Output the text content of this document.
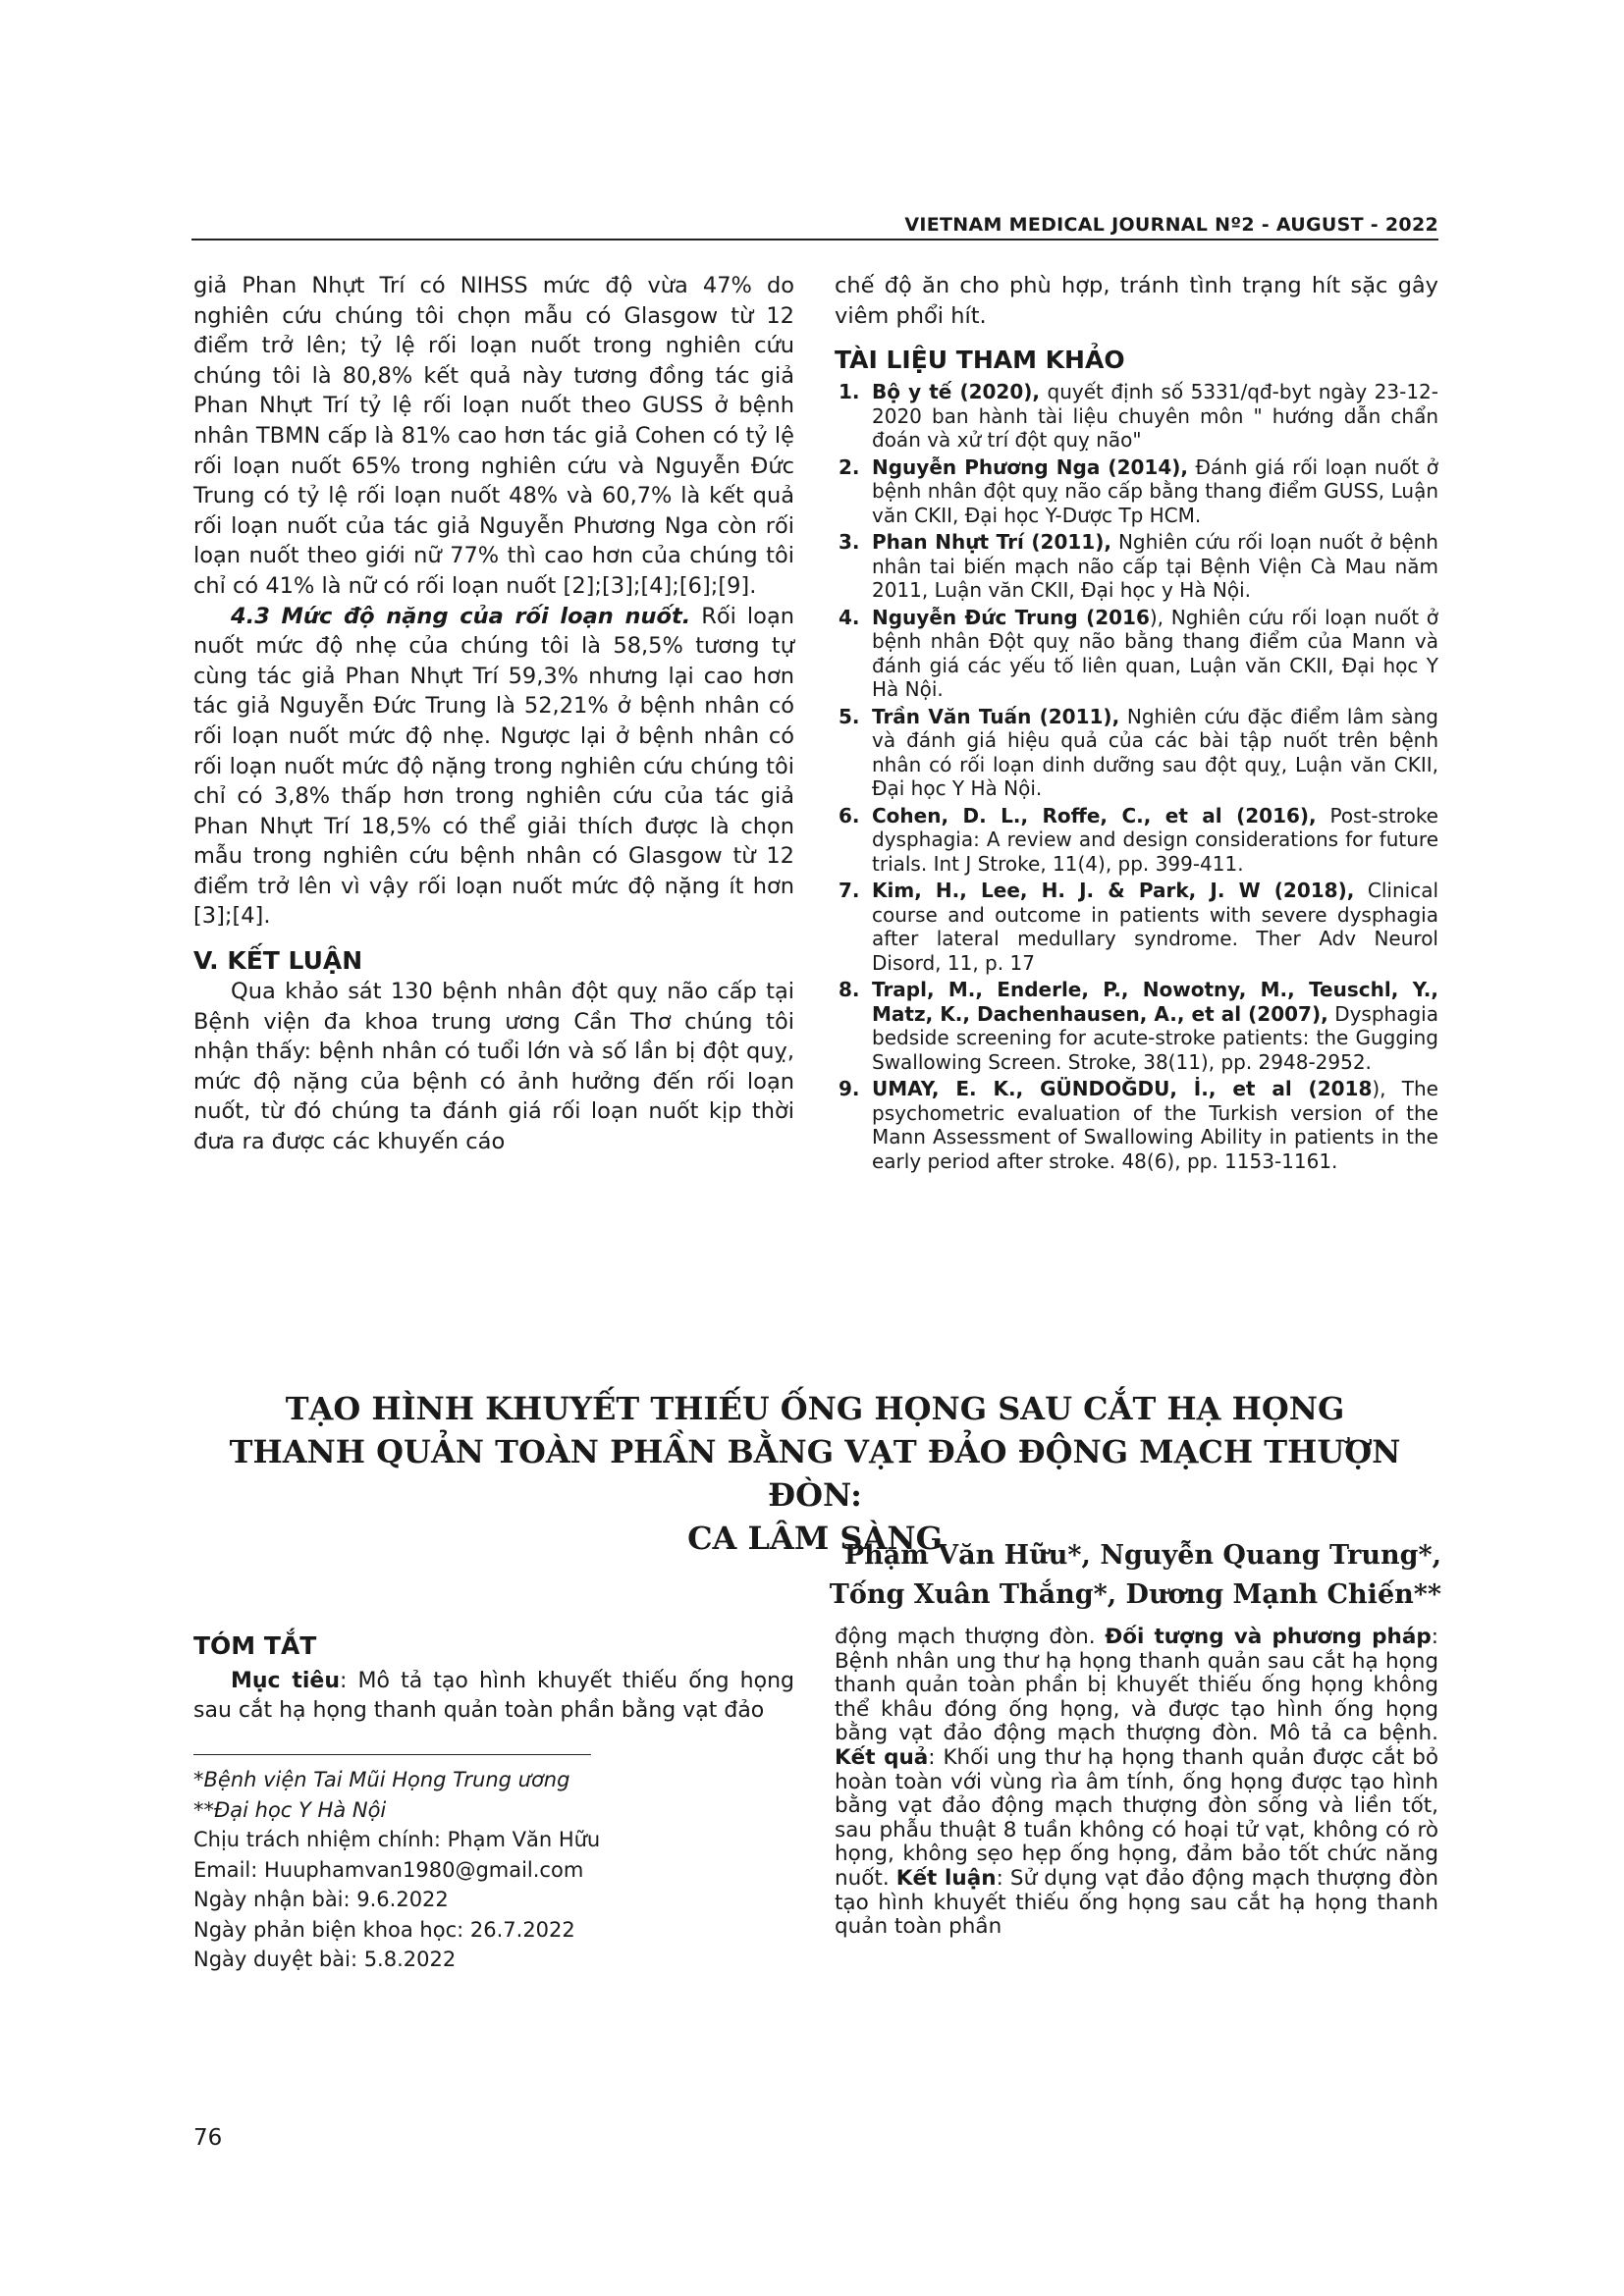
VIETNAM MEDICAL JOURNAL Nº2 - AUGUST - 2022

giả Phan Nhựt Trí có NIHSS mức độ vừa 47% do nghiên cứu chúng tôi chọn mẫu có Glasgow từ 12 điểm trở lên; tỷ lệ rối loạn nuốt trong nghiên cứu chúng tôi là 80,8% kết quả này tương đồng tác giả Phan Nhựt Trí tỷ lệ rối loạn nuốt theo GUSS ở bệnh nhân TBMN cấp là 81% cao hơn tác giả Cohen có tỷ lệ rối loạn nuốt 65% trong nghiên cứu và Nguyễn Đức Trung có tỷ lệ rối loạn nuốt 48% và 60,7% là kết quả rối loạn nuốt của tác giả Nguyễn Phương Nga còn rối loạn nuốt theo giới nữ 77% thì cao hơn của chúng tôi chỉ có 41% là nữ có rối loạn nuốt [2];[3];[4];[6];[9].

4.3 Mức độ nặng của rối loạn nuốt. Rối loạn nuốt mức độ nhẹ của chúng tôi là 58,5% tương tự cùng tác giả Phan Nhựt Trí 59,3% nhưng lại cao hơn tác giả Nguyễn Đức Trung là 52,21% ở bệnh nhân có rối loạn nuốt mức độ nhẹ. Ngược lại ở bệnh nhân có rối loạn nuốt mức độ nặng trong nghiên cứu chúng tôi chỉ có 3,8% thấp hơn trong nghiên cứu của tác giả Phan Nhựt Trí 18,5% có thể giải thích được là chọn mẫu trong nghiên cứu bệnh nhân có Glasgow từ 12 điểm trở lên vì vậy rối loạn nuốt mức độ nặng ít hơn [3];[4].

V. KẾT LUẬN

Qua khảo sát 130 bệnh nhân đột quỵ não cấp tại Bệnh viện đa khoa trung ương Cần Thơ chúng tôi nhận thấy: bệnh nhân có tuổi lớn và số lần bị đột quỵ, mức độ nặng của bệnh có ảnh hưởng đến rối loạn nuốt, từ đó chúng ta đánh giá rối loạn nuốt kịp thời đưa ra được các khuyến cáo

chế độ ăn cho phù hợp, tránh tình trạng hít sặc gây viêm phổi hít.

TÀI LIỆU THAM KHẢO
1. Bộ y tế (2020), quyết định số 5331/qđ-byt ngày 23-12-2020 ban hành tài liệu chuyên môn " hướng dẫn chẩn đoán và xử trí đột quỵ não"
2. Nguyễn Phương Nga (2014), Đánh giá rối loạn nuốt ở bệnh nhân đột quỵ não cấp bằng thang điểm GUSS, Luận văn CKII, Đại học Y-Dược Tp HCM.
3. Phan Nhựt Trí (2011), Nghiên cứu rối loạn nuốt ở bệnh nhân tai biến mạch não cấp tại Bệnh Viện Cà Mau năm 2011, Luận văn CKII, Đại học y Hà Nội.
4. Nguyễn Đức Trung (2016), Nghiên cứu rối loạn nuốt ở bệnh nhân Đột quỵ não bằng thang điểm của Mann và đánh giá các yếu tố liên quan, Luận văn CKII, Đại học Y Hà Nội.
5. Trần Văn Tuấn (2011), Nghiên cứu đặc điểm lâm sàng và đánh giá hiệu quả của các bài tập nuốt trên bệnh nhân có rối loạn dinh dưỡng sau đột quỵ, Luận văn CKII, Đại học Y Hà Nội.
6. Cohen, D. L., Roffe, C., et al (2016), Post-stroke dysphagia: A review and design considerations for future trials. Int J Stroke, 11(4), pp. 399-411.
7. Kim, H., Lee, H. J. & Park, J. W (2018), Clinical course and outcome in patients with severe dysphagia after lateral medullary syndrome. Ther Adv Neurol Disord, 11, p. 17
8. Trapl, M., Enderle, P., Nowotny, M., Teuschl, Y., Matz, K., Dachenhausen, A., et al (2007), Dysphagia bedside screening for acute-stroke patients: the Gugging Swallowing Screen. Stroke, 38(11), pp. 2948-2952.
9. UMAY, E. K., GÜNDOĞDU, İ., et al (2018), The psychometric evaluation of the Turkish version of the Mann Assessment of Swallowing Ability in patients in the early period after stroke. 48(6), pp. 1153-1161.
TẠO HÌNH KHUYẾT THIẾU ỐNG HỌNG SAU CẮT HẠ HỌNG
THANH QUẢN TOÀN PHẦN BẰNG VẠT ĐẢO ĐỘNG MẠCH THƯỢN ĐÒN:
CA LÂM SÀNG
Phạm Văn Hữu*, Nguyễn Quang Trung*,
Tống Xuân Thắng*, Dương Mạnh Chiến**
TÓM TẮT

Mục tiêu: Mô tả tạo hình khuyết thiếu ống họng sau cắt hạ họng thanh quản toàn phần bằng vạt đảo

*Bệnh viện Tai Mũi Họng Trung ương
**Đại học Y Hà Nội
Chịu trách nhiệm chính: Phạm Văn Hữu
Email: Huuphamvan1980@gmail.com
Ngày nhận bài: 9.6.2022
Ngày phản biện khoa học: 26.7.2022
Ngày duyệt bài: 5.8.2022

động mạch thượng đòn. Đối tượng và phương pháp: Bệnh nhân ung thư hạ họng thanh quản sau cắt hạ họng thanh quản toàn phần bị khuyết thiếu ống họng không thể khâu đóng ống họng, và được tạo hình ống họng bằng vạt đảo động mạch thượng đòn. Mô tả ca bệnh. Kết quả: Khối ung thư hạ họng thanh quản được cắt bỏ hoàn toàn với vùng rìa âm tính, ống họng được tạo hình bằng vạt đảo động mạch thượng đòn sống và liền tốt, sau phẫu thuật 8 tuần không có hoại tử vạt, không có rò họng, không sẹo hẹp ống họng, đảm bảo tốt chức năng nuốt. Kết luận: Sử dụng vạt đảo động mạch thượng đòn tạo hình khuyết thiếu ống họng sau cắt hạ họng thanh quản toàn phần

76
